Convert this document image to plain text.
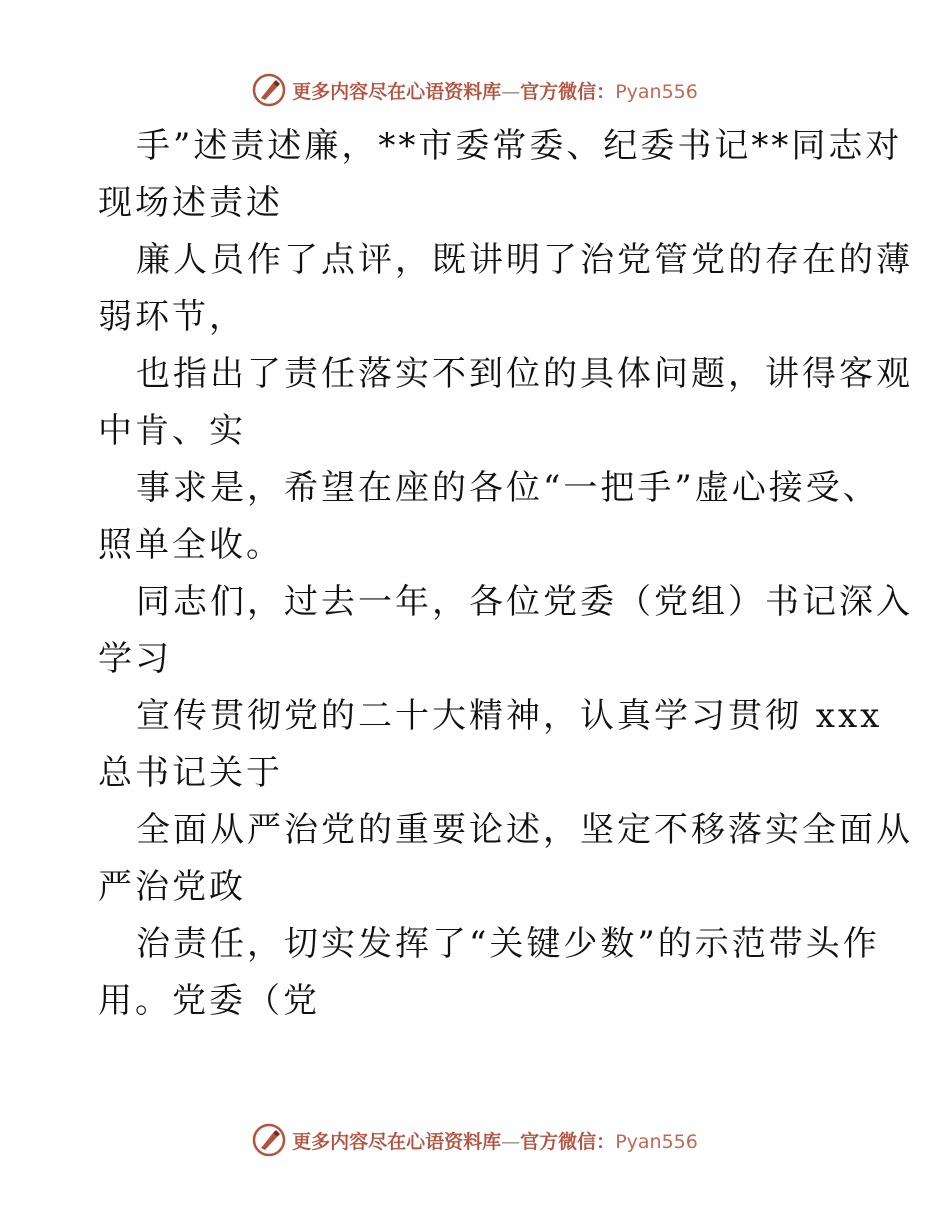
更多内容尽在心语资料库—官方微信：Pyan556
手”述责述廉，**市委常委、纪委书记**同志对
现场述责述
廉人员作了点评，既讲明了治党管党的存在的薄
弱环节，
也指出了责任落实不到位的具体问题，讲得客观
中肯、实
事求是，希望在座的各位“一把手”虚心接受、
照单全收。
同志们，过去一年，各位党委（党组）书记深入
学习
宣传贯彻党的二十大精神，认真学习贯彻 xxx
总书记关于
全面从严治党的重要论述，坚定不移落实全面从
严治党政
治责任，切实发挥了“关键少数”的示范带头作
用。党委（党
更多内容尽在心语资料库—官方微信：Pyan556
